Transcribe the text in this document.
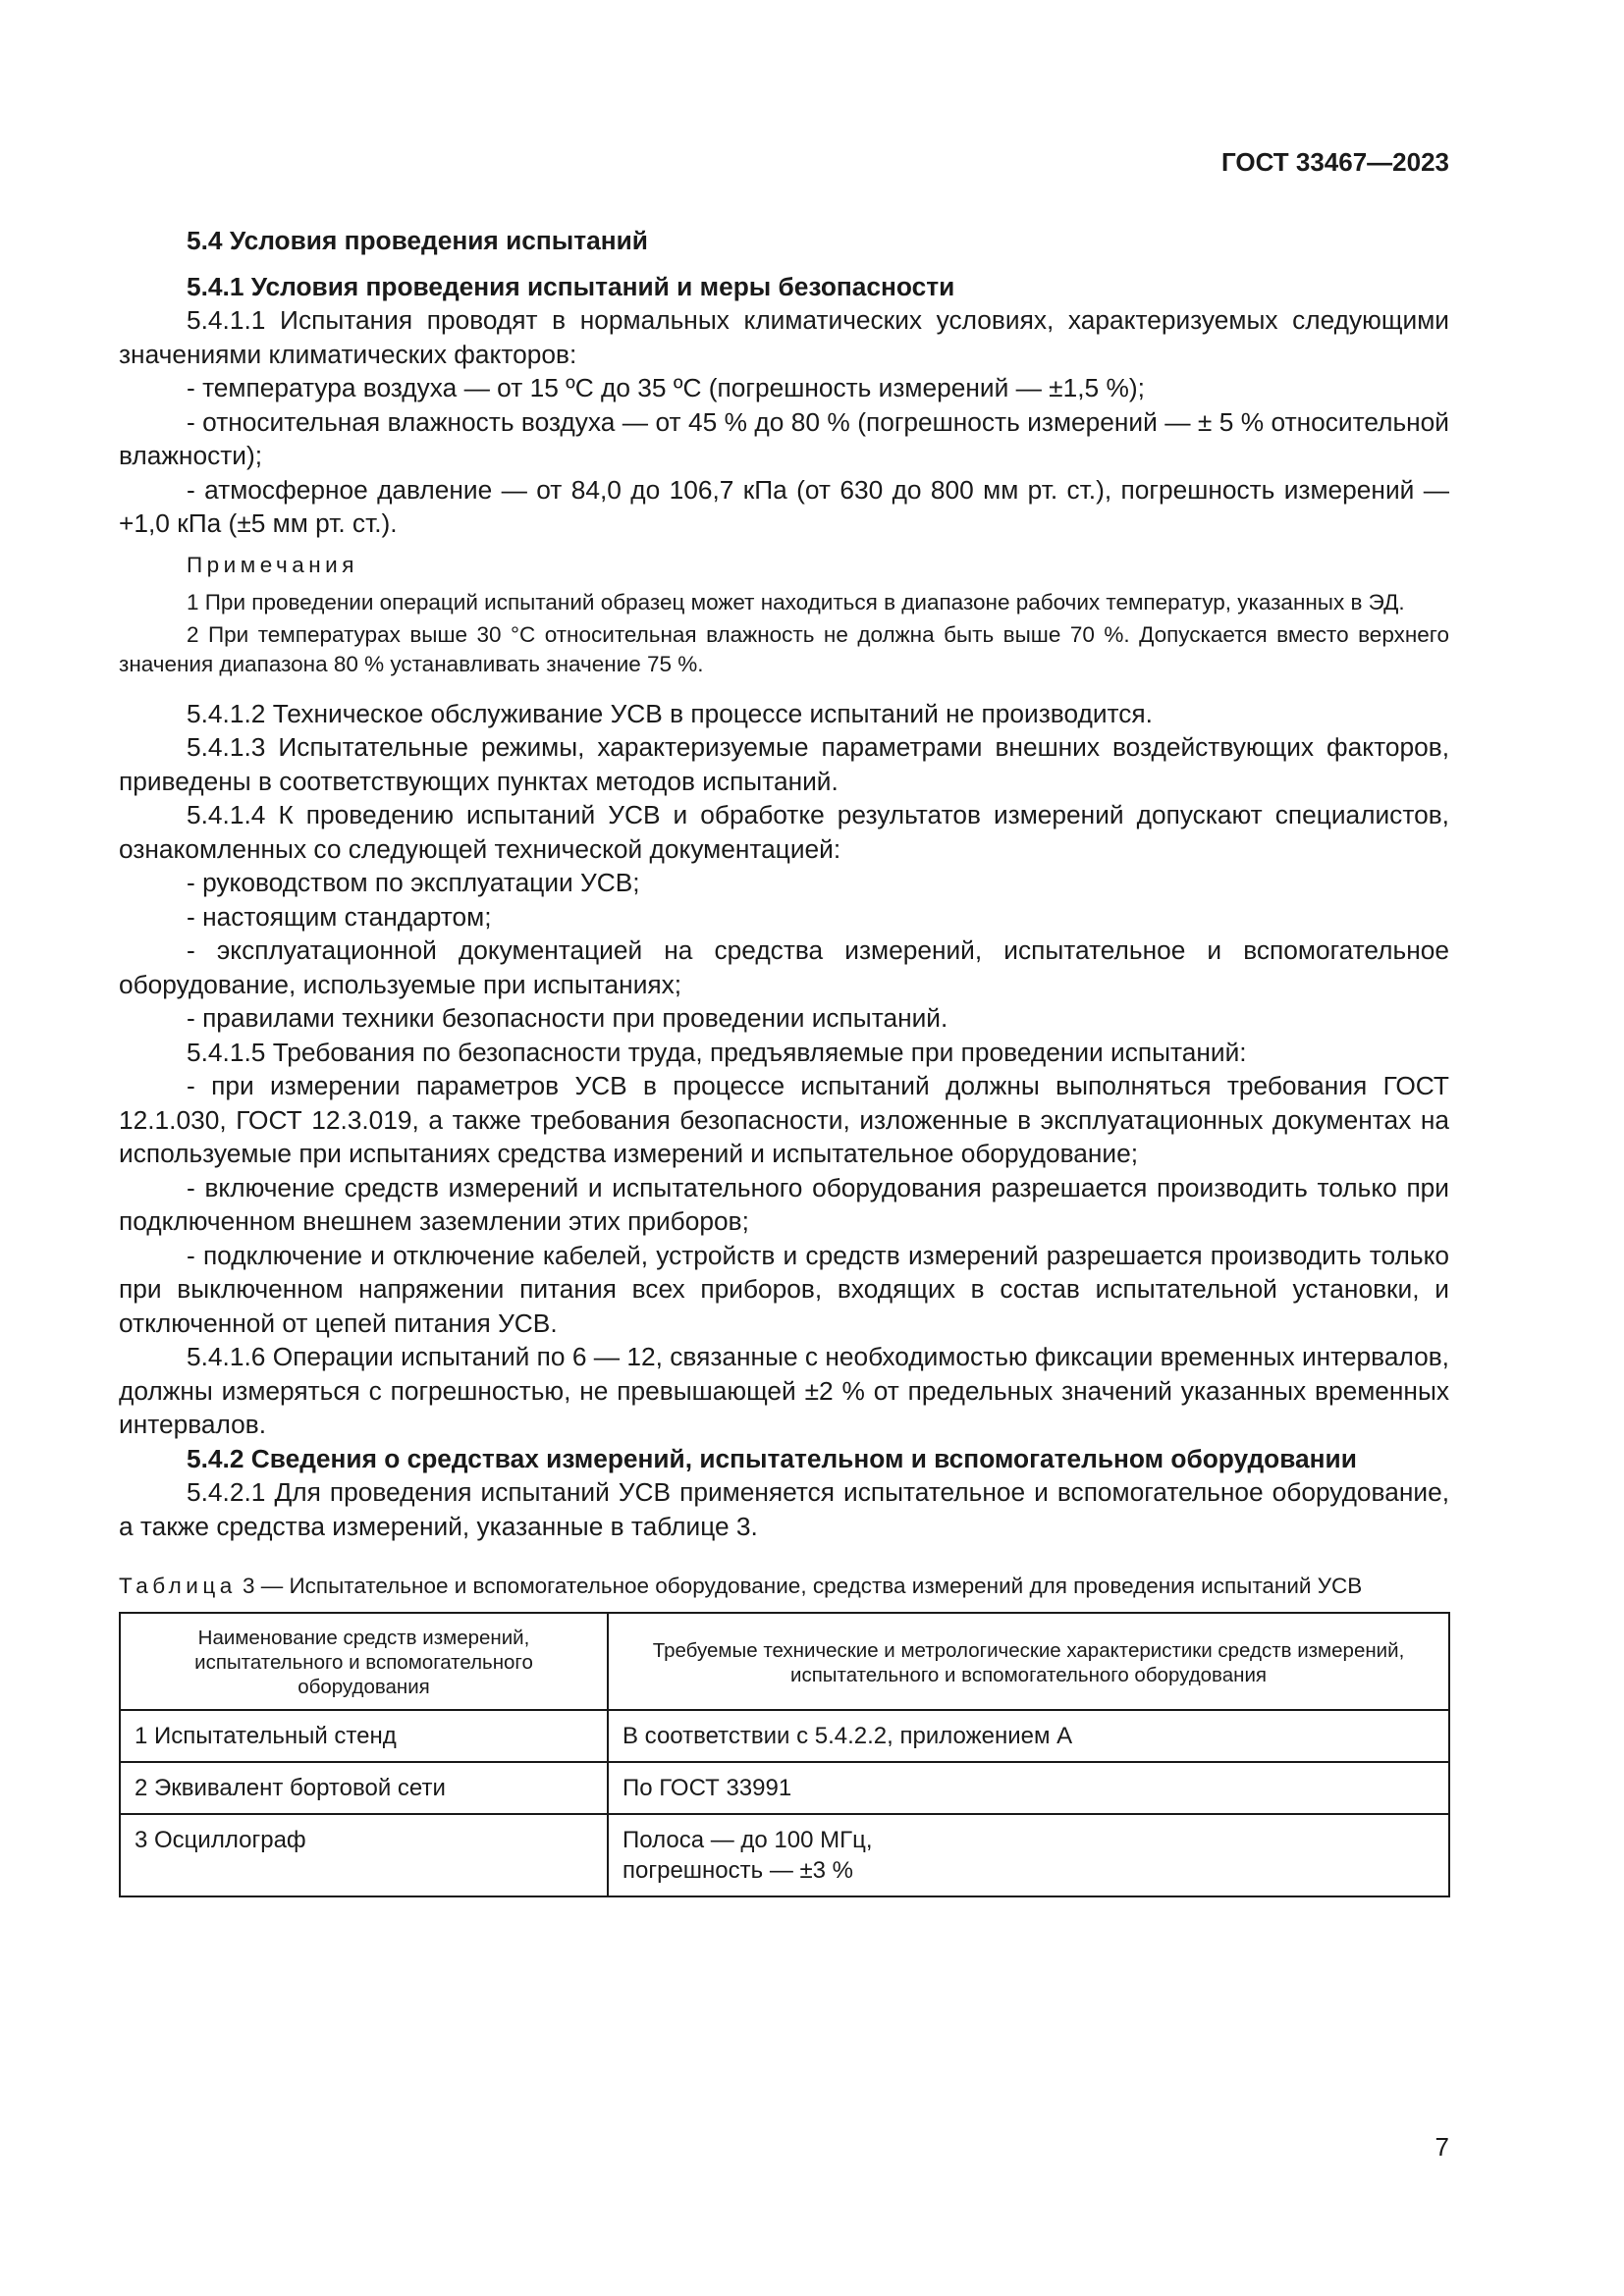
ГОСТ 33467—2023

5.4 Условия проведения испытаний

5.4.1 Условия проведения испытаний и меры безопасности

5.4.1.1 Испытания проводят в нормальных климатических условиях, характеризуемых следующими значениями климатических факторов:

- температура воздуха — от 15 ºС до 35 ºС (погрешность измерений — ±1,5 %);

- относительная влажность воздуха — от 45 % до 80 % (погрешность измерений — ± 5 % относительной влажности);

- атмосферное давление — от 84,0 до 106,7 кПа (от 630 до 800 мм рт. ст.), погрешность измерений — +1,0 кПа (±5 мм рт. ст.).

Примечания

1 При проведении операций испытаний образец может находиться в диапазоне рабочих температур, указанных в ЭД.

2 При температурах выше 30 °С относительная влажность не должна быть выше 70 %. Допускается вместо верхнего значения диапазона 80 % устанавливать значение 75 %.

5.4.1.2 Техническое обслуживание УСВ в процессе испытаний не производится.

5.4.1.3 Испытательные режимы, характеризуемые параметрами внешних воздействующих факторов, приведены в соответствующих пунктах методов испытаний.

5.4.1.4 К проведению испытаний УСВ и обработке результатов измерений допускают специалистов, ознакомленных со следующей технической документацией:

- руководством по эксплуатации УСВ;

- настоящим стандартом;

- эксплуатационной документацией на средства измерений, испытательное и вспомогательное оборудование, используемые при испытаниях;

- правилами техники безопасности при проведении испытаний.

5.4.1.5 Требования по безопасности труда, предъявляемые при проведении испытаний:

- при измерении параметров УСВ в процессе испытаний должны выполняться требования ГОСТ 12.1.030, ГОСТ 12.3.019, а также требования безопасности, изложенные в эксплуатационных документах на используемые при испытаниях средства измерений и испытательное оборудование;

- включение средств измерений и испытательного оборудования разрешается производить только при подключенном внешнем заземлении этих приборов;

- подключение и отключение кабелей, устройств и средств измерений разрешается производить только при выключенном напряжении питания всех приборов, входящих в состав испытательной установки, и отключенной от цепей питания УСВ.

5.4.1.6 Операции испытаний по 6 — 12, связанные с необходимостью фиксации временных интервалов, должны измеряться с погрешностью, не превышающей ±2 % от предельных значений указанных временных интервалов.

5.4.2 Сведения о средствах измерений, испытательном и вспомогательном оборудовании

5.4.2.1 Для проведения испытаний УСВ применяется испытательное и вспомогательное оборудование, а также средства измерений, указанные в таблице 3.

Таблица 3 — Испытательное и вспомогательное оборудование, средства измерений для проведения испытаний УСВ

Наименование средств измерений, испытательного и вспомогательного оборудования	Требуемые технические и метрологические характеристики средств измерений, испытательного и вспомогательного оборудования
1 Испытательный стенд	В соответствии с 5.4.2.2, приложением А

2 Эквивалент бортовой сети	По ГОСТ 33991

3 Осциллограф	Полоса — до 100 МГц,
погрешность — ±3 %
7
